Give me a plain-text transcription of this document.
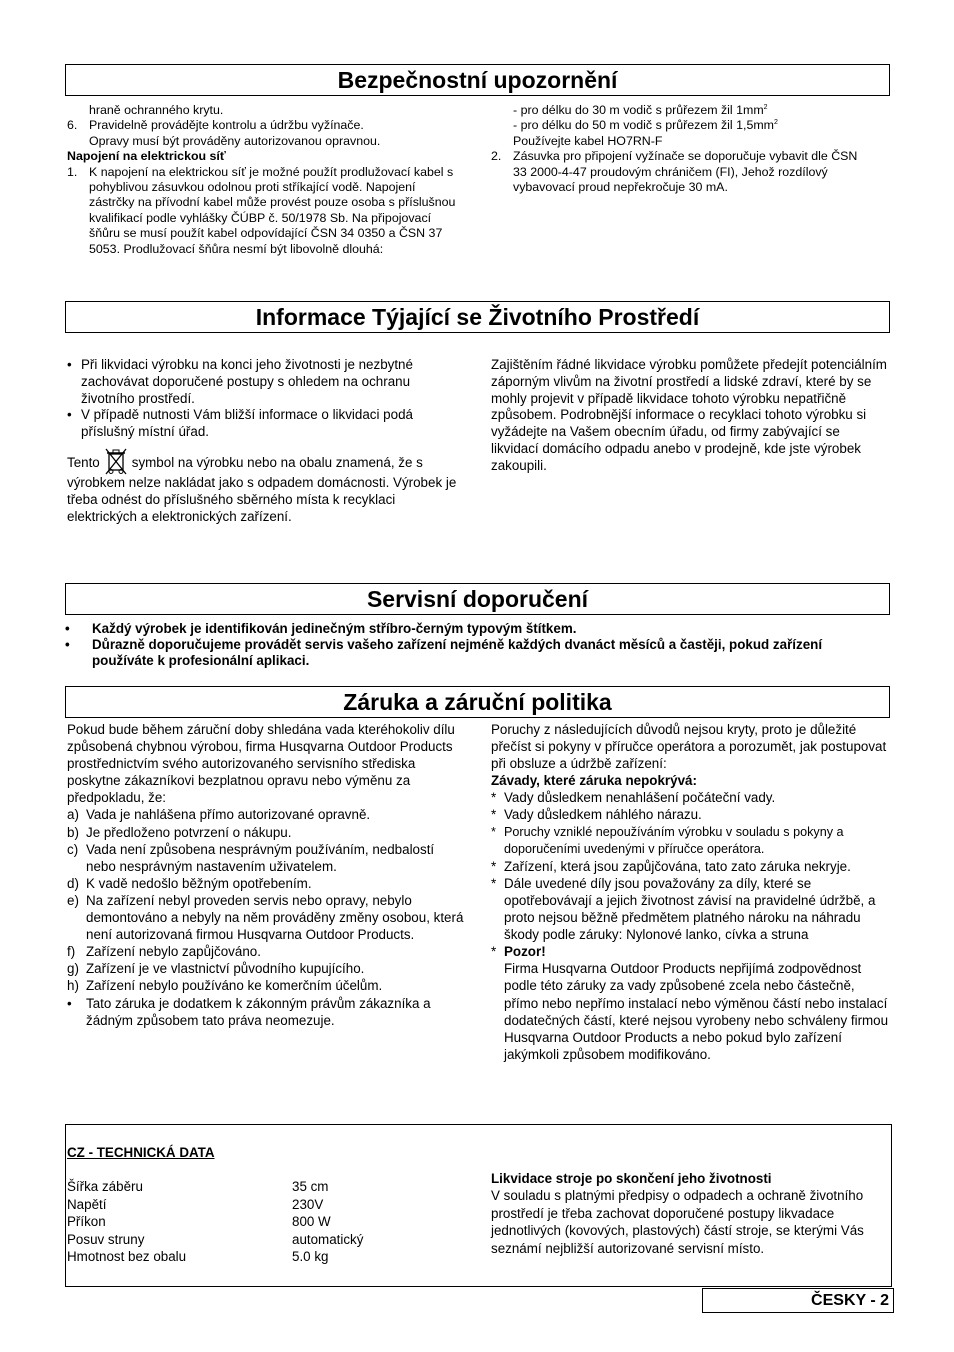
Bezpečnostní upozornění

hraně ochranného krytu.

6. Pravidelně provádějte kontrolu a údržbu vyžínače.
Opravy musí být prováděny autorizovanou opravnou.

Napojení na elektrickou síť

1. K napojení na elektrickou síť je možné použít prodlužovací kabel s pohyblivou zásuvkou odolnou proti stříkající vodě. Napojení zástrčky na přívodní kabel může provést pouze osoba s příslušnou kvalifikací podle vyhlášky ČÚBP č. 50/1978 Sb. Na připojovací šňůru se musí použít kabel odpovídající ČSN 34 0350 a ČSN 37 5053. Prodlužovací šňůra nesmí být libovolně dlouhá:

- pro délku do 30 m vodič s průřezem žil $1mm^2$

- pro délku do 50 m vodič s průřezem žil $1,5mm^2$

Používejte kabel HO7RN-F

2. Zásuvka pro připojení vyžínače se doporučuje vybavit dle ČSN 33 2000-4-47 proudovým chráničem (FI), Jehož rozdílový vybavovací proud nepřekročuje 30 mA.

Informace Týjající se Životního Prostředí

• Při likvidaci výrobku na konci jeho životnosti je nezbytné zachovávat doporučené postupy s ohledem na ochranu životního prostředí.

• V případě nutnosti Vám bližší informace o likvidaci podá příslušný místní úřad.

Tento symbol na výrobku nebo na obalu znamená, že s výrobkem nelze nakládat jako s odpadem domácnosti. Výrobek je třeba odnést do příslušného sběrného místa k recyklaci elektrických a elektronických zařízení.

Zajištěním řádné likvidace výrobku pomůžete předejít potenciálním záporným vlivům na životní prostředí a lidské zdraví, které by se mohly projevit v případě likvidace tohoto výrobku nepatřičně způsobem. Podrobnější informace o recyklaci tohoto výrobku si vyžádejte na Vašem obecním úřadu, od firmy zabývající se likvidací domácího odpadu anebo v prodejně, kde jste výrobek zakoupili.

Servisní doporučení

• Každý výrobek je identifikován jedinečným stříbro-černým typovým štítkem.

• Důrazně doporučujeme provádět servis vašeho zařízení nejméně každých dvanáct měsíců a častěji, pokud zařízení používáte k profesionální aplikaci.

Záruka a záruční politika

Pokud bude během záruční doby shledána vada kteréhokoliv dílu způsobená chybnou výrobou, firma Husqvarna Outdoor Products prostřednictvím svého autorizovaného servisního střediska poskytne zákazníkovi bezplatnou opravu nebo výměnu za předpokladu, že:

a) Vada je nahlášena přímo autorizované opravně.

b) Je předloženo potvrzení o nákupu.

c) Vada není způsobena nesprávným používáním, nedbalostí nebo nesprávným nastavením uživatelem.

d) K vadě nedošlo běžným opotřebením.

e) Na zařízení nebyl proveden servis nebo opravy, nebylo demontováno a nebyly na něm prováděny změny osobou, která není autorizovaná firmou Husqvarna Outdoor Products.

f) Zařízení nebylo zapůjčováno.

g) Zařízení je ve vlastnictví původního kupujícího.

h) Zařízení nebylo používáno ke komerčním účelům.

• Tato záruka je dodatkem k zákonným právům zákazníka a žádným způsobem tato práva neomezuje.

Poruchy z následujících důvodů nejsou kryty, proto je důležité přečíst si pokyny v příručce operátora a porozumět, jak postupovat při obsluze a údržbě zařízení:

Závady, které záruka nepokrývá:

* Vady důsledkem nenahlášení počáteční vady.

* Vady důsledkem náhlého nárazu.

* Poruchy vzniklé nepoužíváním výrobku v souladu s pokyny a doporučeními uvedenými v příručce operátora.

* Zařízení, která jsou zapůjčována, tato zato záruka nekryje.

* Dále uvedené díly jsou považovány za díly, které se opotřebovávají a jejich životnost závisí na pravidelné údržbě, a proto nejsou běžně předmětem platného nároku na náhradu škody podle záruky: Nylonové lanko, cívka a struna

* Pozor!

Firma Husqvarna Outdoor Products nepřijímá zodpovědnost podle této záruky za vady způsobené zcela nebo částečně, přímo nebo nepřímo instalací nebo výměnou částí nebo instalací dodatečných částí, které nejsou vyrobeny nebo schváleny firmou Husqvarna Outdoor Products a nebo pokud bylo zařízení jakýmkoli způsobem modifikováno.

CZ - TECHNICKÁ DATA

Šířka záběru	35 cm
Napětí	230V
Příkon	800 W
Posuv struny	automatický
Hmotnost bez obalu	5.0 kg

Likvidace stroje po skončení jeho životnosti

V souladu s platnými předpisy o odpadech a ochraně životního prostředí je třeba zachovat doporučené postupy likvadace jednotlivých (kovových, plastových) částí stroje, se kterými Vás seznámí nejbližší autorizované servisní místo.

ČESKY - 2
